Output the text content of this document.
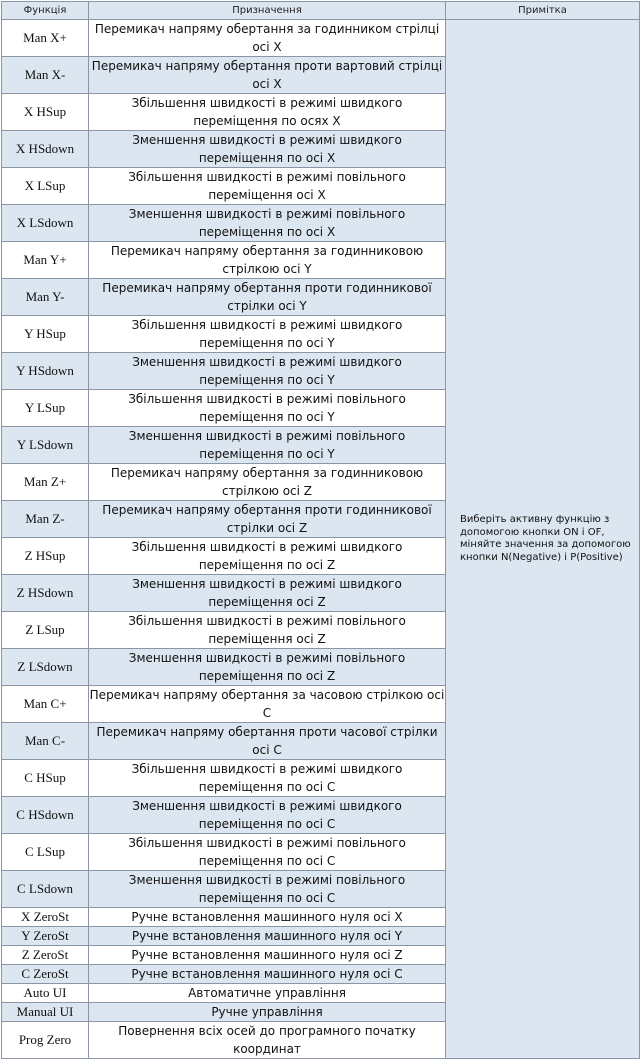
Функція	Призначення	Примітка
Man X+	Перемикач напряму обертання за годинником стрілці осі X	Виберіть активну функцію з допомогою кнопки ON і OF, міняйте значення за допомогою кнопки N(Negative) і P(Positive)
Man X-	Перемикач напряму обертання проти вартовий стрілці осі X	
X HSup	Збільшення швидкості в режимі швидкого переміщення по осях X	
X HSdown	Зменшення швидкості в режимі швидкого переміщення по осі X	
X LSup	Збільшення швидкості в режимі повільного переміщення осі X	
X LSdown	Зменшення швидкості в режимі повільного переміщення по осі X	
Man Y+	Перемикач напряму обертання за годинниковою стрілкою осі Y	
Man Y-	Перемикач напряму обертання проти годинникової стрілки осі Y	
Y HSup	Збільшення швидкості в режимі швидкого переміщення по осі Y	
Y HSdown	Зменшення швидкості в режимі швидкого переміщення по осі Y	
Y LSup	Збільшення швидкості в режимі повільного переміщення по осі Y	
Y LSdown	Зменшення швидкості в режимі повільного переміщення по осі Y	
Man Z+	Перемикач напряму обертання за годинниковою стрілкою осі Z	
Man Z-	Перемикач напряму обертання проти годинникової стрілки осі Z	
Z HSup	Збільшення швидкості в режимі швидкого переміщення по осі Z	
Z HSdown	Зменшення швидкості в режимі швидкого переміщення осі Z	
Z LSup	Збільшення швидкості в режимі повільного переміщення осі Z	
Z LSdown	Зменшення швидкості в режимі повільного переміщення по осі Z	
Man C+	Перемикач напряму обертання за часовою стрілкою осі C	
Man C-	Перемикач напряму обертання проти часової стрілки осі C	
C HSup	Збільшення швидкості в режимі швидкого переміщення по осі C	
C HSdown	Зменшення швидкості в режимі швидкого переміщення по осі C	
C LSup	Збільшення швидкості в режимі повільного переміщення по осі C	
C LSdown	Зменшення швидкості в режимі повільного переміщення по осі C	
X ZeroSt	Ручне встановлення машинного нуля осі X	
Y ZeroSt	Ручне встановлення машинного нуля осі Y	
Z ZeroSt	Ручне встановлення машинного нуля осі Z	
C ZeroSt	Ручне встановлення машинного нуля осі C	
Auto UI	Автоматичне управління	
Manual UI	Ручне управління	
Prog Zero	Повернення всіх осей до програмного початку координат	
